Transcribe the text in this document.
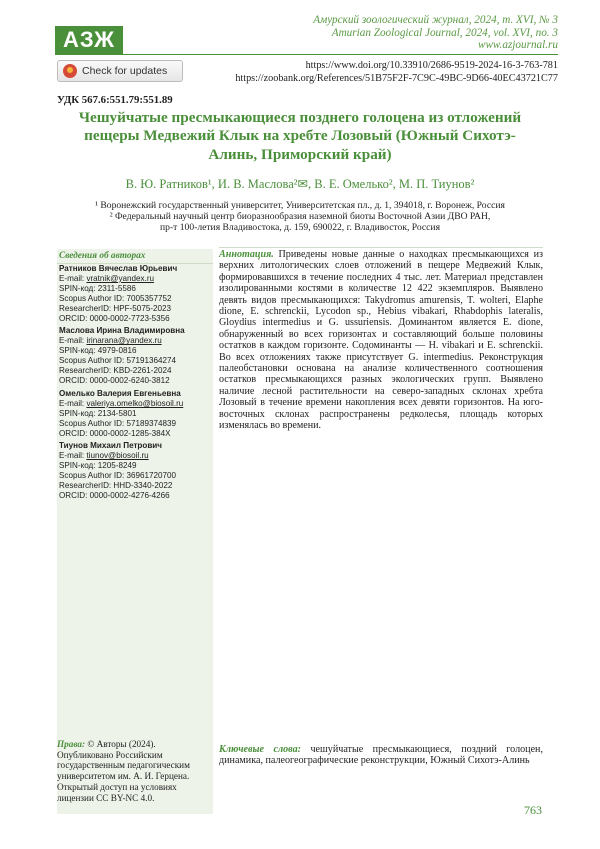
Амурский зоологический журнал, 2024, т. XVI, № 3
Amurian Zoological Journal, 2024, vol. XVI, no. 3
www.azjournal.ru
АЗЖ
Check for updates	https://www.doi.org/10.33910/2686-9519-2024-16-3-763-781
https://zoobank.org/References/51B75F2F-7C9C-49BC-9D66-40EC43721C77
УДК 567.6:551.79:551.89
Чешуйчатые пресмыкающиеся позднего голоцена из отложений пещеры Медвежий Клык на хребте Лозовый (Южный Сихотэ-Алинь, Приморский край)
В. Ю. Ратников¹, И. В. Маслова²✉, В. Е. Омелько², М. П. Тиунов²
¹ Воронежский государственный университет, Университетская пл., д. 1, 394018, г. Воронеж, Россия
² Федеральный научный центр биоразнообразия наземной биоты Восточной Азии ДВО РАН,
пр-т 100-летия Владивостока, д. 159, 690022, г. Владивосток, Россия
Сведения об авторах
Ратников Вячеслав Юрьевич
E-mail: vratnik@yandex.ru
SPIN-код: 2311-5586
Scopus Author ID: 7005357752
ResearcherID: HPF-5075-2023
ORCID: 0000-0002-7723-5356
Маслова Ирина Владимировна
E-mail: irinarana@yandex.ru
SPIN-код: 4979-0816
Scopus Author ID: 57191364274
ResearcherID: KBD-2261-2024
ORCID: 0000-0002-6240-3812
Омелько Валерия Евгеньевна
E-mail: valeriya.omelko@biosoil.ru
SPIN-код: 2134-5801
Scopus Author ID: 57189374839
ORCID: 0000-0002-1285-384X
Тиунов Михаил Петрович
E-mail: tiunov@biosoil.ru
SPIN-код: 1205-8249
Scopus Author ID: 36961720700
ResearcherID: HHD-3340-2022
ORCID: 0000-0002-4276-4266
Права: © Авторы (2024). Опубликовано Российским государственным педагогическим университетом им. А. И. Герцена. Открытый доступ на условиях лицензии CC BY-NC 4.0.
Аннотация. Приведены новые данные о находках пресмыкающихся из верхних литологических слоев отложений в пещере Медвежий Клык, формировавшихся в течение последних 4 тыс. лет. Материал представлен изолированными костями в количестве 12 422 экземпляров. Выявлено девять видов пресмыкающихся: Takydromus amurensis, T. wolteri, Elaphe dione, E. schrenckii, Lycodon sp., Hebius vibakari, Rhabdophis lateralis, Gloydius intermedius и G. ussuriensis. Доминантом является E. dione, обнаруженный во всех горизонтах и составляющий больше половины остатков в каждом горизонте. Содоминанты — H. vibakari и E. schrenckii. Во всех отложениях также присутствует G. intermedius. Реконструкция палеобстановки основана на анализе количественного соотношения остатков пресмыкающихся разных экологических групп. Выявлено наличие лесной растительности на северо-западных склонах хребта Лозовый в течение времени накопления всех девяти горизонтов. На юго-восточных склонах распространены редколесья, площадь которых изменялась во времени.
Ключевые слова: чешуйчатые пресмыкающиеся, поздний голоцен, динамика, палеогеографические реконструкции, Южный Сихотэ-Алинь
763
